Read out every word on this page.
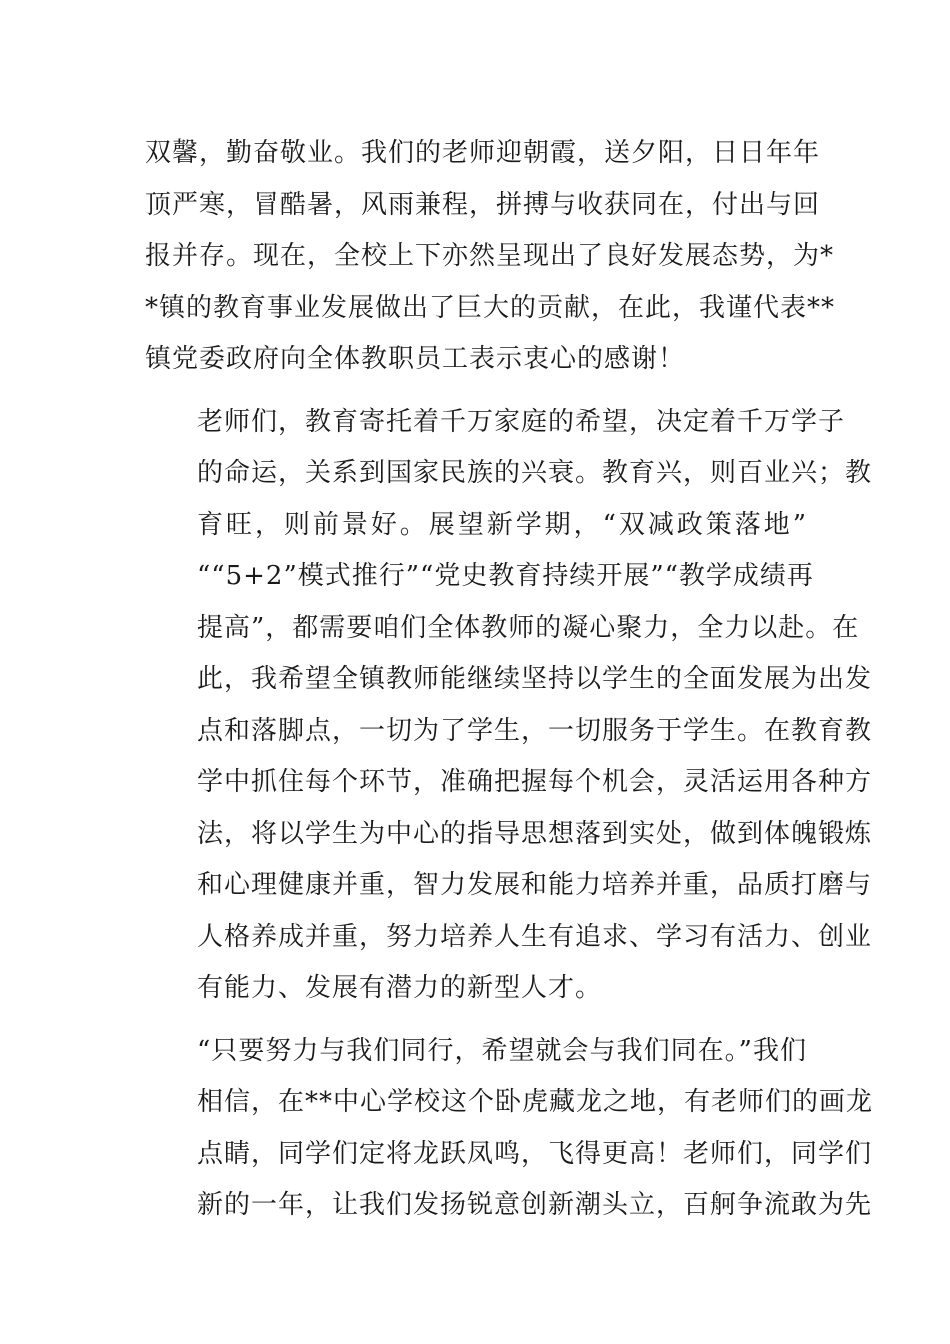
双馨，勤奋敬业。我们的老师迎朝霞，送夕阳，日日年年
顶严寒，冒酷暑，风雨兼程，拼搏与收获同在，付出与回
报并存。现在，全校上下亦然呈现出了良好发展态势，为*
*镇的教育事业发展做出了巨大的贡献，在此，我谨代表**
镇党委政府向全体教职员工表示衷心的感谢！
老师们，教育寄托着千万家庭的希望，决定着千万学子
的命运，关系到国家民族的兴衰。教育兴，则百业兴；教
育旺，则前景好。展望新学期，“双减政策落地”
““5+2”模式推行”“党史教育持续开展”“教学成绩再
提高”，都需要咱们全体教师的凝心聚力，全力以赴。在
此，我希望全镇教师能继续坚持以学生的全面发展为出发
点和落脚点，一切为了学生，一切服务于学生。在教育教
学中抓住每个环节，准确把握每个机会，灵活运用各种方
法，将以学生为中心的指导思想落到实处，做到体魄锻炼
和心理健康并重，智力发展和能力培养并重，品质打磨与
人格养成并重，努力培养人生有追求、学习有活力、创业
有能力、发展有潜力的新型人才。
“只要努力与我们同行，希望就会与我们同在。”我们
相信，在**中心学校这个卧虎藏龙之地，有老师们的画龙
点睛，同学们定将龙跃凤鸣，飞得更高！老师们，同学们
新的一年，让我们发扬锐意创新潮头立，百舸争流敢为先
